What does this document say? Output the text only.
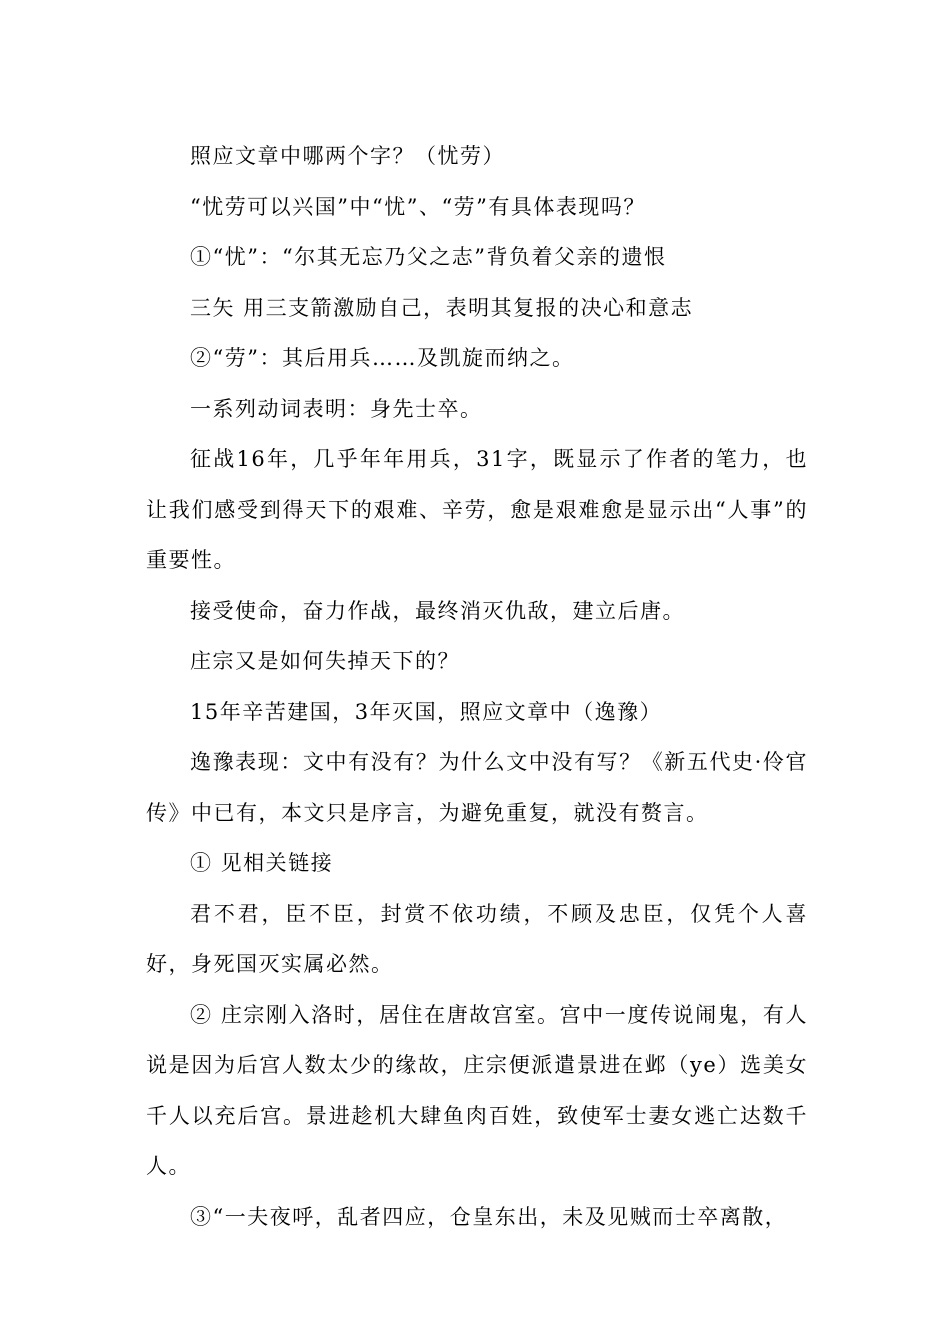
照应文章中哪两个字？（忧劳）

“忧劳可以兴国”中“忧”、“劳”有具体表现吗？

①“忧”：“尔其无忘乃父之志”背负着父亲的遗恨

三矢 用三支箭激励自己，表明其复报的决心和意志

②“劳”：其后用兵……及凯旋而纳之。

一系列动词表明：身先士卒。

征战16年，几乎年年用兵，31字，既显示了作者的笔力，也让我们感受到得天下的艰难、辛劳，愈是艰难愈是显示出“人事”的重要性。

接受使命，奋力作战，最终消灭仇敌，建立后唐。

庄宗又是如何失掉天下的？

15年辛苦建国，3年灭国，照应文章中（逸豫）

逸豫表现：文中有没有？为什么文中没有写？《新五代史·伶官传》中已有，本文只是序言，为避免重复，就没有赘言。

① 见相关链接

君不君，臣不臣，封赏不依功绩，不顾及忠臣，仅凭个人喜好，身死国灭实属必然。

② 庄宗刚入洛时，居住在唐故宫室。宫中一度传说闹鬼，有人说是因为后宫人数太少的缘故，庄宗便派遣景进在邺（ye）选美女千人以充后宫。景进趁机大肆鱼肉百姓，致使军士妻女逃亡达数千人。

③“一夫夜呼，乱者四应，仓皇东出，未及见贼而士卒离散，
